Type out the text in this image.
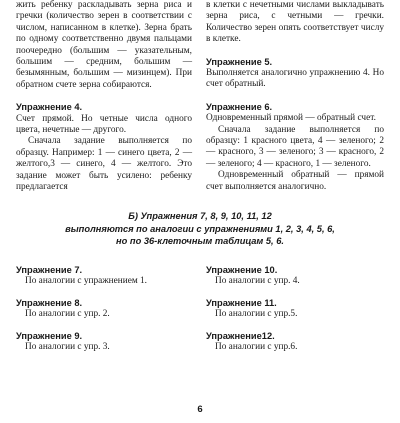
жить ребенку раскладывать зерна риса и гречки (количество зерен в соответствии с числом, написанном в клетке). Зерна брать по одному соответственно двумя пальцами поочередно (большим — указательным, большим — средним, большим — безымянным, большим — мизинцем). При обратном счете зерна собираются.

Упражнение 4.

Счет прямой. Но четные числа одного цвета, нечетные — другого.

Сначала задание выполняется по образцу. Например: 1 — синего цвета, 2 — желтого,3 — синего, 4 — желтого. Это задание может быть усилено: ребенку предлагается

в клетки с нечетными числами выкладывать зерна риса, с четными — гречки. Количество зерен опять соответствует числу в клетке.

Упражнение 5.

Выполняется аналогично упражнению 4. Но счет обратный.

Упражнение 6.

Одновременный прямой — обратный счет.

Сначала задание выполняется по образцу: 1 красного цвета, 4 — зеленого; 2 — красного, 3 — зеленого; 3 — красного, 2 — зеленого; 4 — красного, 1 — зеленого.

Одновременный обратный — прямой счет выполняется аналогично.

Б) Упражнения 7, 8, 9, 10, 11, 12
выполняются по аналогии с упражнениями 1, 2, 3, 4, 5, 6,
но по 36-клеточным таблицам 5, 6.
Упражнение 7.
По аналогии с упражнением 1.
Упражнение 10.
По аналогии с упр. 4.
Упражнение 8.
По аналогии с упр. 2.
Упражнение 11.
По аналогии с упр.5.
Упражнение 9.
По аналогии с упр. 3.
Упражнение12.
По аналогии с упр.6.
6
